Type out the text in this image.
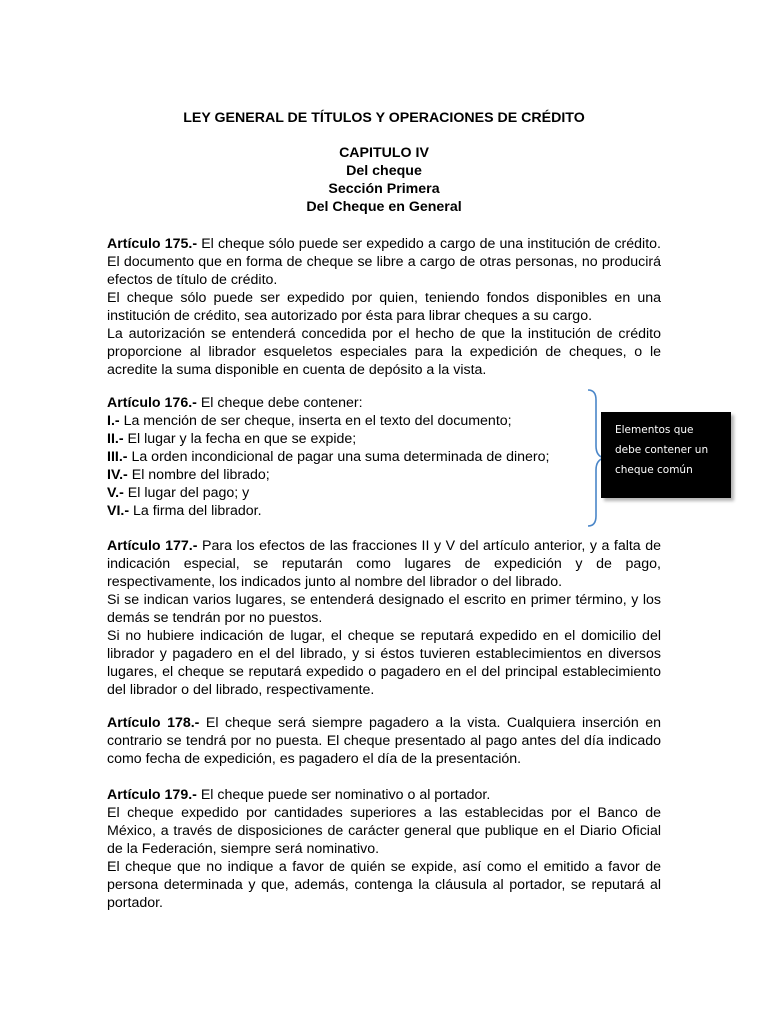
LEY GENERAL DE TÍTULOS Y OPERACIONES DE CRÉDITO
CAPITULO IV
Del cheque
Sección Primera
Del Cheque en General

Artículo 175.- El cheque sólo puede ser expedido a cargo de una institución de crédito. El documento que en forma de cheque se libre a cargo de otras personas, no producirá efectos de título de crédito.

El cheque sólo puede ser expedido por quien, teniendo fondos disponibles en una institución de crédito, sea autorizado por ésta para librar cheques a su cargo.

La autorización se entenderá concedida por el hecho de que la institución de crédito proporcione al librador esqueletos especiales para la expedición de cheques, o le acredite la suma disponible en cuenta de depósito a la vista.

Artículo 176.- El cheque debe contener:
I.- La mención de ser cheque, inserta en el texto del documento;
II.- El lugar y la fecha en que se expide;
III.- La orden incondicional de pagar una suma determinada de dinero;
IV.- El nombre del librado;
V.- El lugar del pago; y
VI.- La firma del librador.
Elementos que
debe contener un
cheque común

Artículo 177.- Para los efectos de las fracciones II y V del artículo anterior, y a falta de indicación especial, se reputarán como lugares de expedición y de pago, respectivamente, los indicados junto al nombre del librador o del librado.

Si se indican varios lugares, se entenderá designado el escrito en primer término, y los demás se tendrán por no puestos.

Si no hubiere indicación de lugar, el cheque se reputará expedido en el domicilio del librador y pagadero en el del librado, y si éstos tuvieren establecimientos en diversos lugares, el cheque se reputará expedido o pagadero en el del principal establecimiento del librador o del librado, respectivamente.

Artículo 178.- El cheque será siempre pagadero a la vista. Cualquiera inserción en contrario se tendrá por no puesta. El cheque presentado al pago antes del día indicado como fecha de expedición, es pagadero el día de la presentación.

Artículo 179.- El cheque puede ser nominativo o al portador.

El cheque expedido por cantidades superiores a las establecidas por el Banco de México, a través de disposiciones de carácter general que publique en el Diario Oficial de la Federación, siempre será nominativo.

El cheque que no indique a favor de quién se expide, así como el emitido a favor de persona determinada y que, además, contenga la cláusula al portador, se reputará al portador.
